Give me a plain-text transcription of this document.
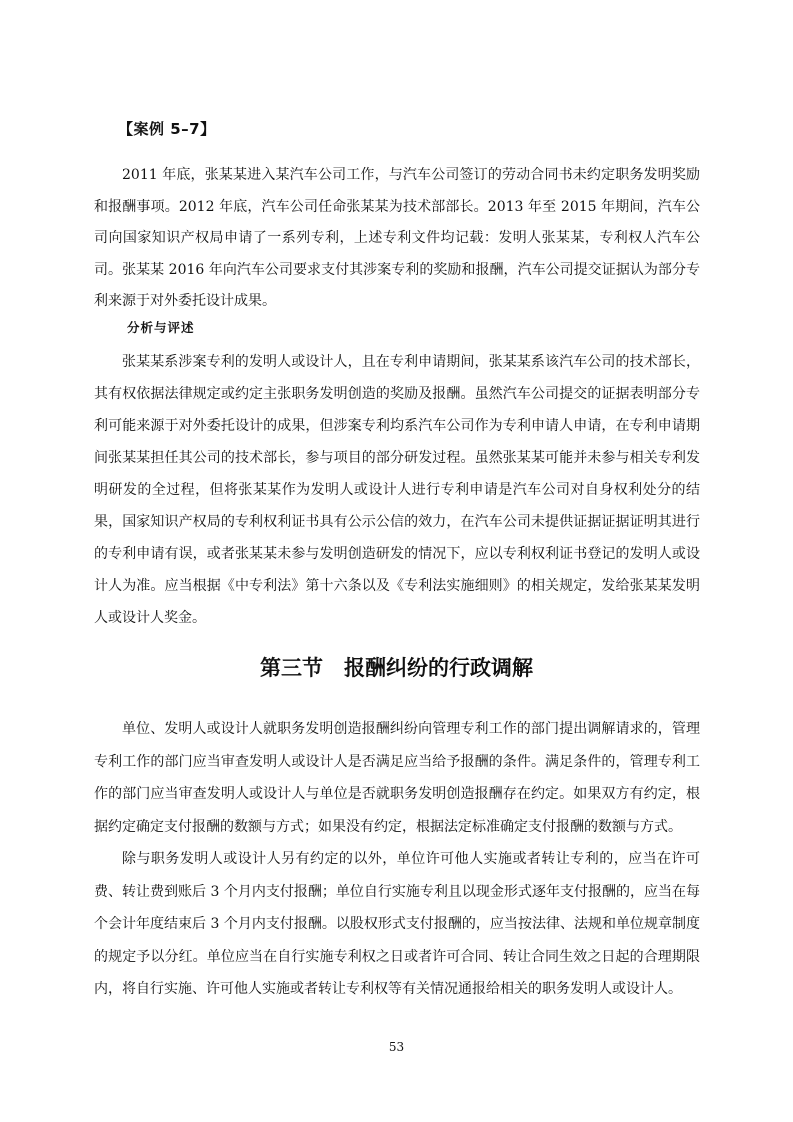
【案例 5–7】

2011 年底，张某某进入某汽车公司工作，与汽车公司签订的劳动合同书未约定职务发明奖励和报酬事项。2012 年底，汽车公司任命张某某为技术部部长。2013 年至 2015 年期间，汽车公司向国家知识产权局申请了一系列专利，上述专利文件均记载：发明人张某某，专利权人汽车公司。张某某 2016 年向汽车公司要求支付其涉案专利的奖励和报酬，汽车公司提交证据认为部分专利来源于对外委托设计成果。

分析与评述

张某某系涉案专利的发明人或设计人，且在专利申请期间，张某某系该汽车公司的技术部长，其有权依据法律规定或约定主张职务发明创造的奖励及报酬。虽然汽车公司提交的证据表明部分专利可能来源于对外委托设计的成果，但涉案专利均系汽车公司作为专利申请人申请，在专利申请期间张某某担任其公司的技术部长，参与项目的部分研发过程。虽然张某某可能并未参与相关专利发明研发的全过程，但将张某某作为发明人或设计人进行专利申请是汽车公司对自身权利处分的结果，国家知识产权局的专利权利证书具有公示公信的效力，在汽车公司未提供证据证据证明其进行的专利申请有误，或者张某某未参与发明创造研发的情况下，应以专利权利证书登记的发明人或设计人为准。应当根据《中专利法》第十六条以及《专利法实施细则》的相关规定，发给张某某发明人或设计人奖金。

第三节　报酬纠纷的行政调解

单位、发明人或设计人就职务发明创造报酬纠纷向管理专利工作的部门提出调解请求的，管理专利工作的部门应当审查发明人或设计人是否满足应当给予报酬的条件。满足条件的，管理专利工作的部门应当审查发明人或设计人与单位是否就职务发明创造报酬存在约定。如果双方有约定，根据约定确定支付报酬的数额与方式；如果没有约定，根据法定标准确定支付报酬的数额与方式。

除与职务发明人或设计人另有约定的以外，单位许可他人实施或者转让专利的，应当在许可费、转让费到账后 3 个月内支付报酬；单位自行实施专利且以现金形式逐年支付报酬的，应当在每个会计年度结束后 3 个月内支付报酬。以股权形式支付报酬的，应当按法律、法规和单位规章制度的规定予以分红。单位应当在自行实施专利权之日或者许可合同、转让合同生效之日起的合理期限内，将自行实施、许可他人实施或者转让专利权等有关情况通报给相关的职务发明人或设计人。

53
